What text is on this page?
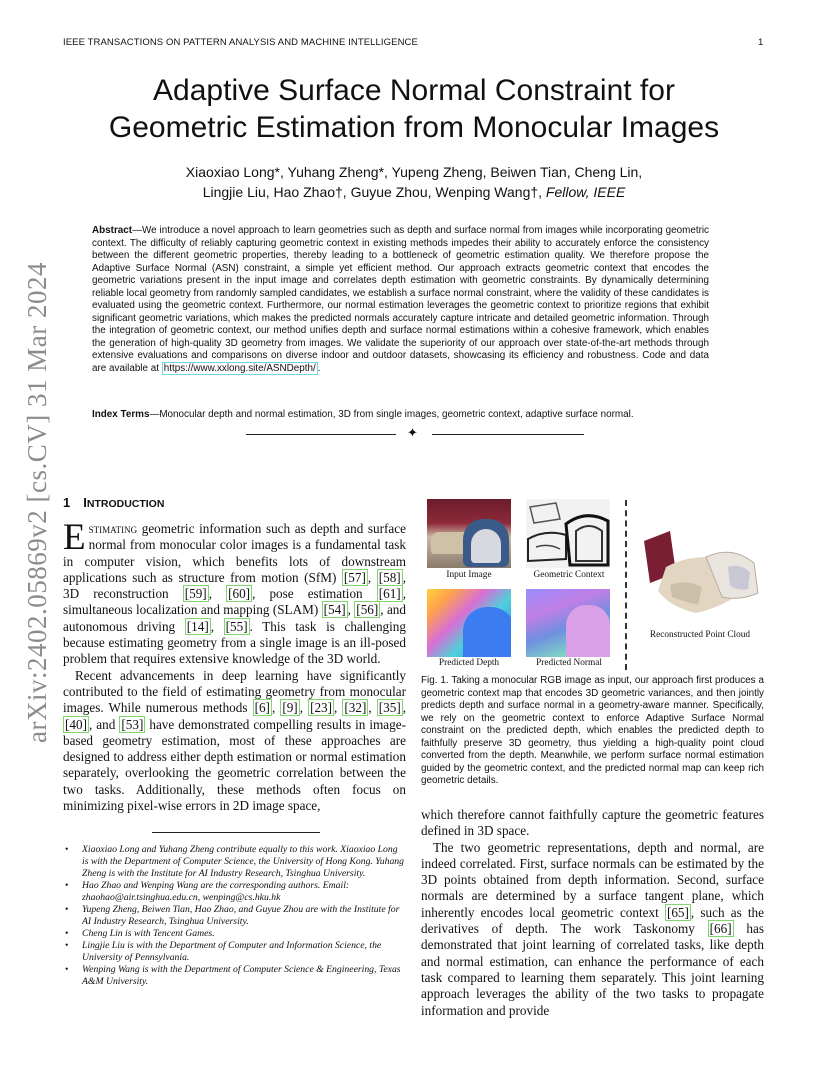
IEEE TRANSACTIONS ON PATTERN ANALYSIS AND MACHINE INTELLIGENCE	1
arXiv:2402.05869v2 [cs.CV] 31 Mar 2024
Adaptive Surface Normal Constraint for
Geometric Estimation from Monocular Images
Xiaoxiao Long*, Yuhang Zheng*, Yupeng Zheng, Beiwen Tian, Cheng Lin,
Lingjie Liu, Hao Zhao†, Guyue Zhou, Wenping Wang†, Fellow, IEEE

Abstract—We introduce a novel approach to learn geometries such as depth and surface normal from images while incorporating geometric context. The difficulty of reliably capturing geometric context in existing methods impedes their ability to accurately enforce the consistency between the different geometric properties, thereby leading to a bottleneck of geometric estimation quality. We therefore propose the Adaptive Surface Normal (ASN) constraint, a simple yet efficient method. Our approach extracts geometric context that encodes the geometric variations present in the input image and correlates depth estimation with geometric constraints. By dynamically determining reliable local geometry from randomly sampled candidates, we establish a surface normal constraint, where the validity of these candidates is evaluated using the geometric context. Furthermore, our normal estimation leverages the geometric context to prioritize regions that exhibit significant geometric variations, which makes the predicted normals accurately capture intricate and detailed geometric information. Through the integration of geometric context, our method unifies depth and surface normal estimations within a cohesive framework, which enables the generation of high-quality 3D geometry from images. We validate the superiority of our approach over state-of-the-art methods through extensive evaluations and comparisons on diverse indoor and outdoor datasets, showcasing its efficiency and robustness. Code and data are available at https://www.xxlong.site/ASNDepth/ .

Index Terms—Monocular depth and normal estimation, 3D from single images, geometric context, adaptive surface normal.

✦
1 INTRODUCTION

Estimating geometric information such as depth and surface normal from monocular color images is a fundamental task in computer vision, which benefits lots of downstream applications such as structure from motion (SfM) [57] , [58] , 3D reconstruction [59] , [60] , pose estimation [61] , simultaneous localization and mapping (SLAM) [54] , [56] , and autonomous driving [14] , [55] . This task is challenging because estimating geometry from a single image is an ill-posed problem that requires extensive knowledge of the 3D world.

Recent advancements in deep learning have significantly contributed to the field of estimating geometry from monocular images. While numerous methods [6] , [9] , [23] , [32] , [35] , [40] , and [53] have demonstrated compelling results in image-based geometry estimation, most of these approaches are designed to address either depth estimation or normal estimation separately, overlooking the geometric correlation between the two tasks. Additionally, these methods often focus on minimizing pixel-wise errors in 2D image space,

• Xiaoxiao Long and Yuhang Zheng contribute equally to this work. Xiaoxiao Long is with the Department of Computer Science, the University of Hong Kong. Yuhang Zheng is with the Institute for AI Industry Research, Tsinghua University.
• Hao Zhao and Wenping Wang are the corresponding authors. Email: zhaohao@air.tsinghua.edu.cn, wenping@cs.hku.hk
• Yupeng Zheng, Beiwen Tian, Hao Zhao, and Guyue Zhou are with the Institute for AI Industry Research, Tsinghua University.
• Cheng Lin is with Tencent Games.
• Lingjie Liu is with the Department of Computer and Information Science, the University of Pennsylvania.
• Wenping Wang is with the Department of Computer Science & Engineering, Texas A&M University.
Input Image	Geometric Context
Predicted Depth	Predicted Normal
Reconstructed Point Cloud

Fig. 1. Taking a monocular RGB image as input, our approach first produces a geometric context map that encodes 3D geometric variances, and then jointly predicts depth and surface normal in a geometry-aware manner. Specifically, we rely on the geometric context to enforce Adaptive Surface Normal constraint on the predicted depth, which enables the predicted depth to faithfully preserve 3D geometry, thus yielding a high-quality point cloud converted from the depth. Meanwhile, we perform surface normal estimation guided by the geometric context, and the predicted normal map can keep rich geometric details.

which therefore cannot faithfully capture the geometric features defined in 3D space.

The two geometric representations, depth and normal, are indeed correlated. First, surface normals can be estimated by the 3D points obtained from depth information. Second, surface normals are determined by a surface tangent plane, which inherently encodes local geometric context [65] , such as the derivatives of depth. The work Taskonomy [66] has demonstrated that joint learning of correlated tasks, like depth and normal estimation, can enhance the performance of each task compared to learning them separately. This joint learning approach leverages the ability of the two tasks to propagate information and provide
